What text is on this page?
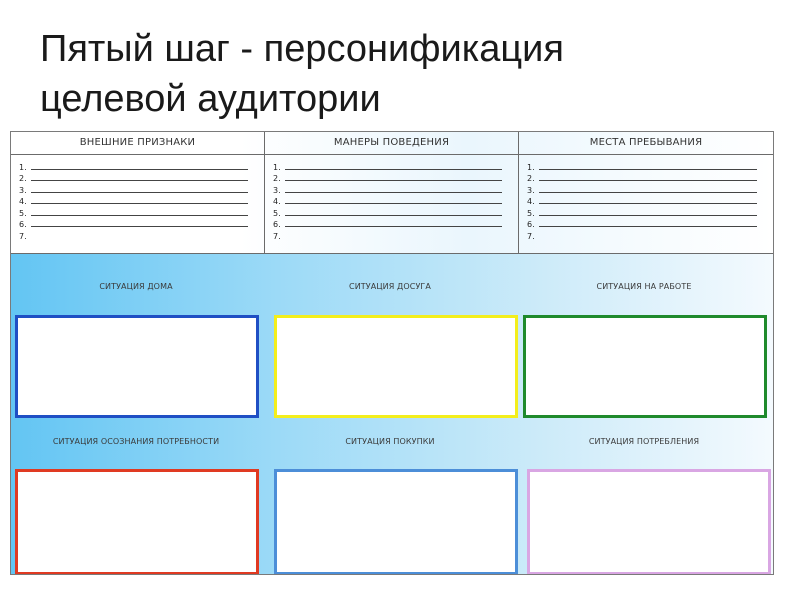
Пятый шаг - персонификация
целевой аудитории
ВНЕШНИЕ ПРИЗНАКИ
1.
2.
3.
4.
5.
6.
7.
МАНЕРЫ ПОВЕДЕНИЯ
1.
2.
3.
4.
5.
6.
7.
МЕСТА ПРЕБЫВАНИЯ
1.
2.
3.
4.
5.
6.
7.
СИТУАЦИЯ ДОМА	СИТУАЦИЯ ДОСУГА	СИТУАЦИЯ НА РАБОТЕ
СИТУАЦИЯ ОСОЗНАНИЯ ПОТРЕБНОСТИ	СИТУАЦИЯ ПОКУПКИ	СИТУАЦИЯ ПОТРЕБЛЕНИЯ
